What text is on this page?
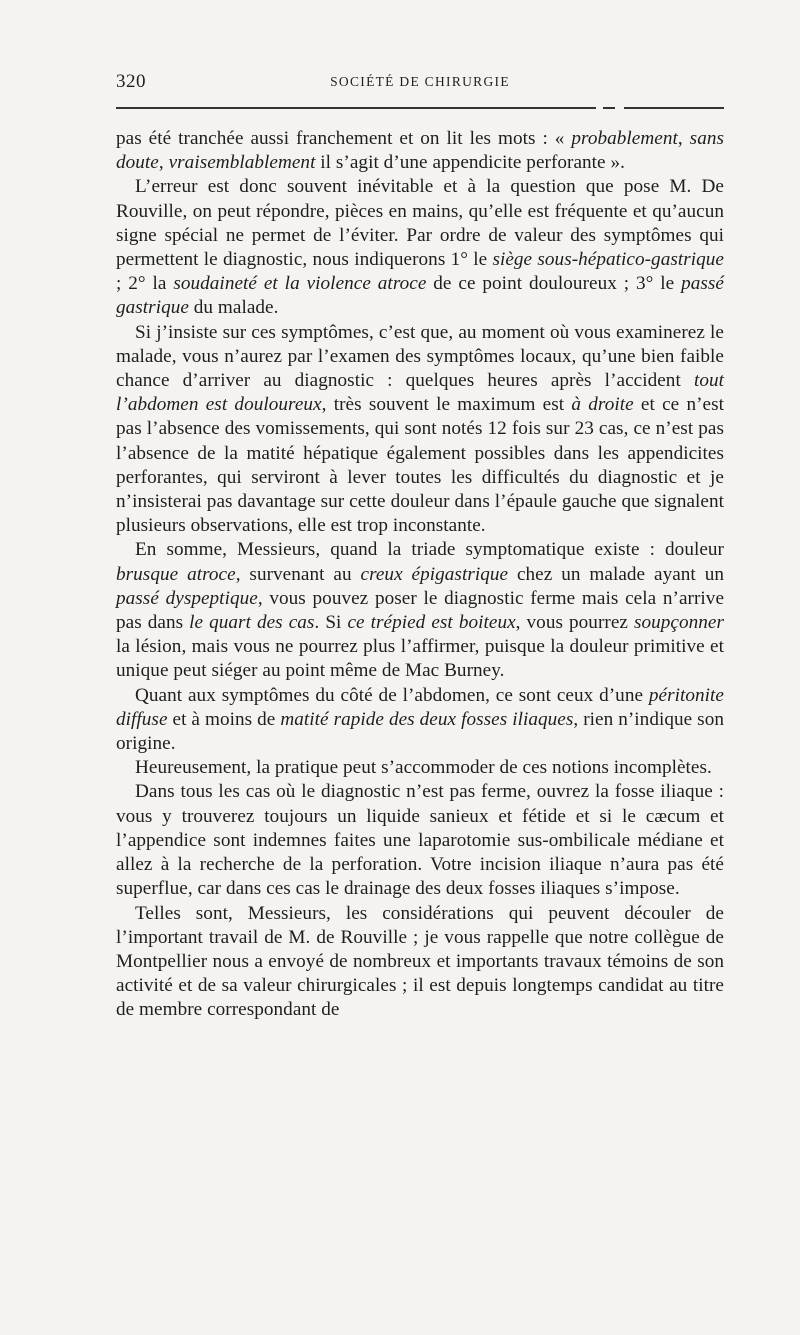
320	SOCIÉTÉ DE CHIRURGIE

pas été tranchée aussi franchement et on lit les mots : « probablement, sans doute, vraisemblablement il s’agit d’une appendicite perforante ».

L’erreur est donc souvent inévitable et à la question que pose M. De Rouville, on peut répondre, pièces en mains, qu’elle est fréquente et qu’aucun signe spécial ne permet de l’éviter. Par ordre de valeur des symptômes qui permettent le diagnostic, nous indiquerons 1° le siège sous-hépatico-gastrique ; 2° la soudaineté et la violence atroce de ce point douloureux ; 3° le passé gastrique du malade.

Si j’insiste sur ces symptômes, c’est que, au moment où vous examinerez le malade, vous n’aurez par l’examen des symptômes locaux, qu’une bien faible chance d’arriver au diagnostic : quelques heures après l’accident tout l’abdomen est douloureux, très souvent le maximum est à droite et ce n’est pas l’absence des vomissements, qui sont notés 12 fois sur 23 cas, ce n’est pas l’absence de la matité hépatique également possibles dans les appendicites perforantes, qui serviront à lever toutes les difficultés du diagnostic et je n’insisterai pas davantage sur cette douleur dans l’épaule gauche que signalent plusieurs observations, elle est trop inconstante.

En somme, Messieurs, quand la triade symptomatique existe : douleur brusque atroce, survenant au creux épigastrique chez un malade ayant un passé dyspeptique, vous pouvez poser le diagnostic ferme mais cela n’arrive pas dans le quart des cas. Si ce trépied est boiteux, vous pourrez soupçonner la lésion, mais vous ne pourrez plus l’affirmer, puisque la douleur primitive et unique peut siéger au point même de Mac Burney.

Quant aux symptômes du côté de l’abdomen, ce sont ceux d’une péritonite diffuse et à moins de matité rapide des deux fosses iliaques, rien n’indique son origine.

Heureusement, la pratique peut s’accommoder de ces notions incomplètes.

Dans tous les cas où le diagnostic n’est pas ferme, ouvrez la fosse iliaque : vous y trouverez toujours un liquide sanieux et fétide et si le cæcum et l’appendice sont indemnes faites une laparotomie sus-ombilicale médiane et allez à la recherche de la perforation. Votre incision iliaque n’aura pas été superflue, car dans ces cas le drainage des deux fosses iliaques s’impose.

Telles sont, Messieurs, les considérations qui peuvent découler de l’important travail de M. de Rouville ; je vous rappelle que notre collègue de Montpellier nous a envoyé de nombreux et importants travaux témoins de son activité et de sa valeur chirurgicales ; il est depuis longtemps candidat au titre de membre correspondant de
